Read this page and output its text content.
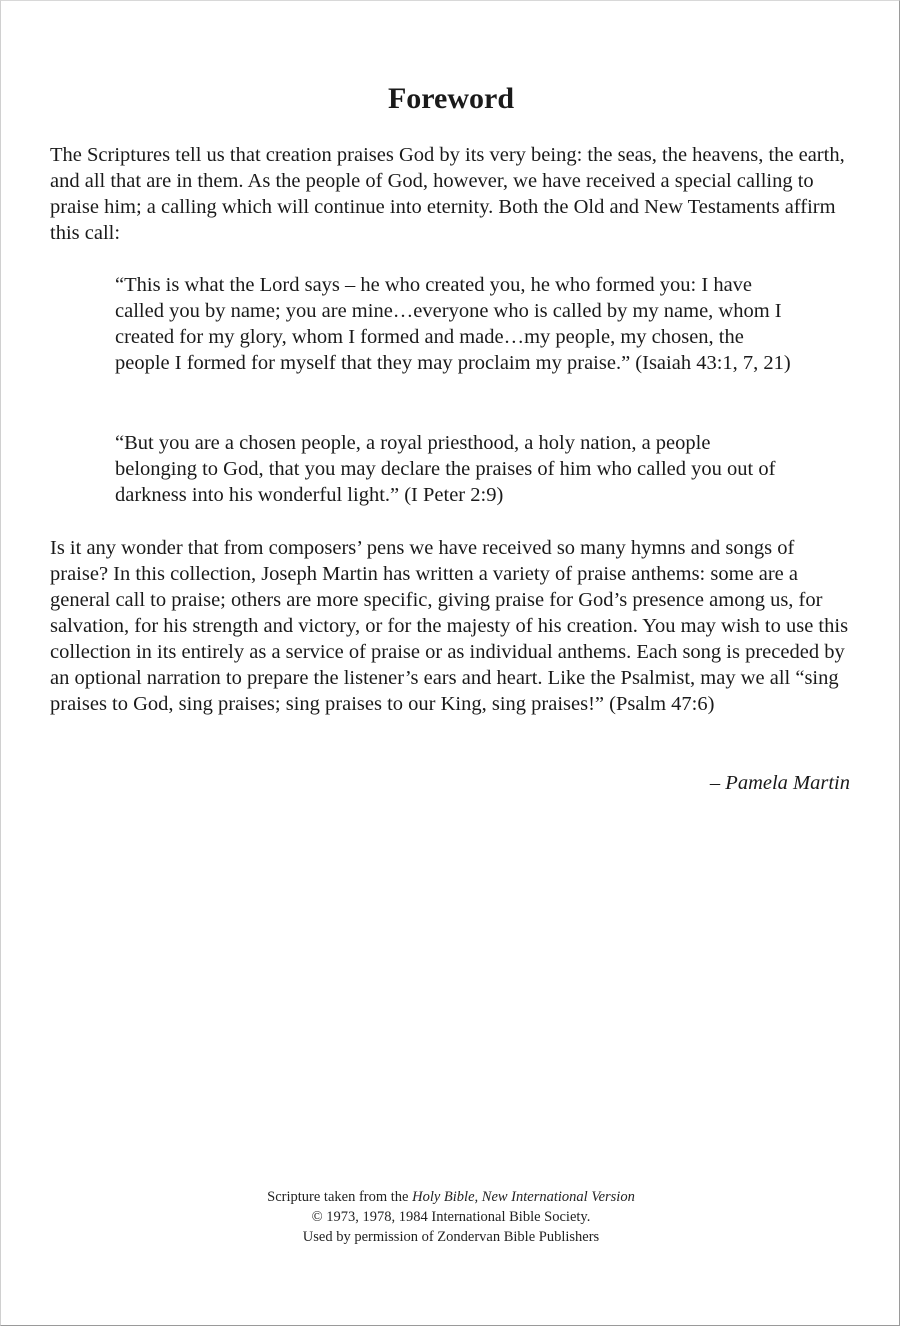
Foreword

The Scriptures tell us that creation praises God by its very being: the seas, the heavens, the earth, and all that are in them. As the people of God, however, we have received a special calling to praise him; a calling which will continue into eternity. Both the Old and New Testaments affirm this call:

“This is what the Lord says – he who created you, he who formed you: I have called you by name; you are mine…everyone who is called by my name, whom I created for my glory, whom I formed and made…my people, my chosen, the people I formed for myself that they may proclaim my praise.” (Isaiah 43:1, 7, 21)

“But you are a chosen people, a royal priesthood, a holy nation, a people belonging to God, that you may declare the praises of him who called you out of darkness into his wonderful light.” (I Peter 2:9)

Is it any wonder that from composers’ pens we have received so many hymns and songs of praise? In this collection, Joseph Martin has written a variety of praise anthems: some are a general call to praise; others are more specific, giving praise for God’s presence among us, for salvation, for his strength and victory, or for the majesty of his creation. You may wish to use this collection in its entirely as a service of praise or as individual anthems. Each song is preceded by an optional narration to prepare the listener’s ears and heart. Like the Psalmist, may we all “sing praises to God, sing praises; sing praises to our King, sing praises!” (Psalm 47:6)

– Pamela Martin

Scripture taken from the Holy Bible, New International Version
© 1973, 1978, 1984 International Bible Society.
Used by permission of Zondervan Bible Publishers
